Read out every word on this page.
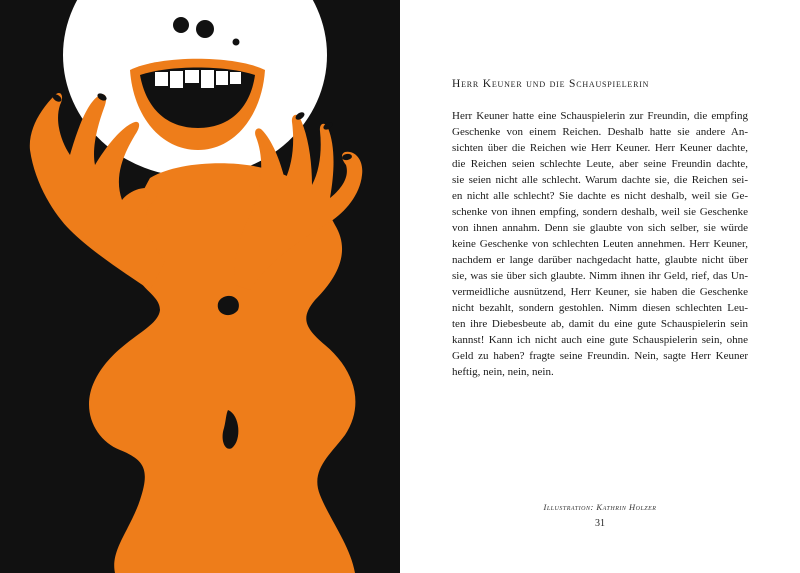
Herr Keuner und die Schauspielerin

Herr Keuner hatte eine Schauspielerin zur Freundin, die empfing
Geschenke von einem Reichen. Deshalb hatte sie andere An-
sichten über die Reichen wie Herr Keuner. Herr Keuner dachte,
die Reichen seien schlechte Leute, aber seine Freundin dachte,
sie seien nicht alle schlecht. Warum dachte sie, die Reichen sei-
en nicht alle schlecht? Sie dachte es nicht deshalb, weil sie Ge-
schenke von ihnen empfing, sondern deshalb, weil sie Geschenke
von ihnen annahm. Denn sie glaubte von sich selber, sie würde
keine Geschenke von schlechten Leuten annehmen. Herr Keuner,
nachdem er lange darüber nachgedacht hatte, glaubte nicht über
sie, was sie über sich glaubte. Nimm ihnen ihr Geld, rief, das Un-
vermeidliche ausnützend, Herr Keuner, sie haben die Geschenke
nicht bezahlt, sondern gestohlen. Nimm diesen schlechten Leu-
ten ihre Diebesbeute ab, damit du eine gute Schauspielerin sein
kannst! Kann ich nicht auch eine gute Schauspielerin sein, ohne
Geld zu haben? fragte seine Freundin. Nein, sagte Herr Keuner
heftig, nein, nein, nein.

Illustration: Kathrin Holzer
31
